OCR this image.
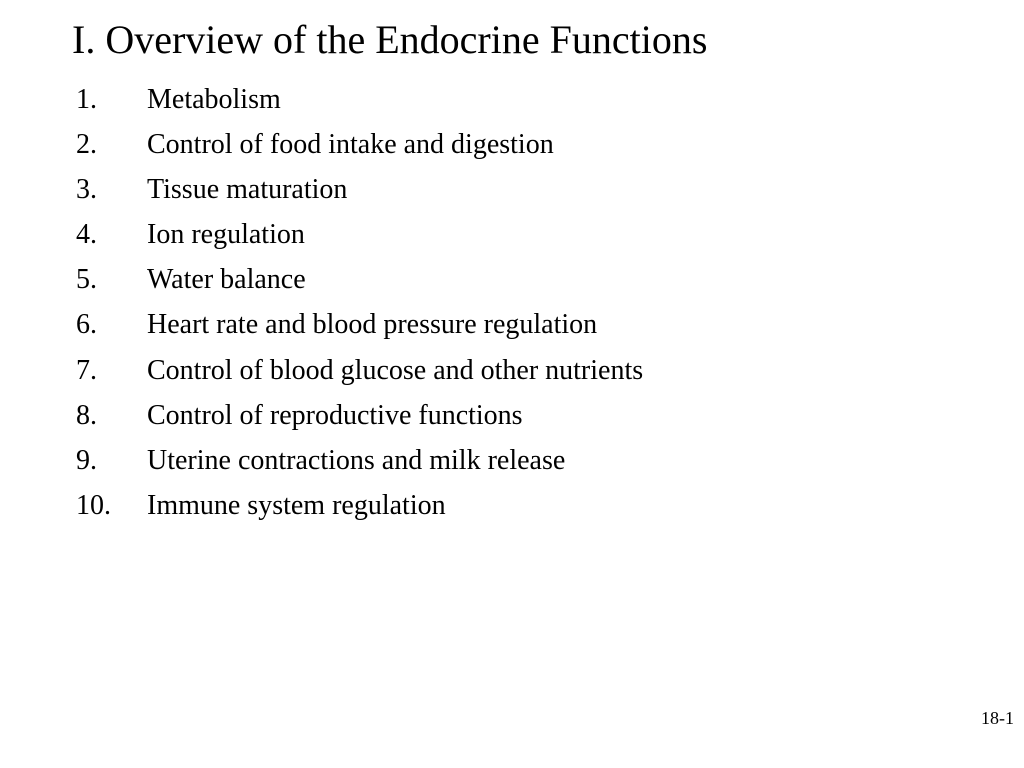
I. Overview of the Endocrine Functions
1.	Metabolism
2.	Control of food intake and digestion
3.	Tissue maturation
4.	Ion regulation
5.	Water balance
6.	Heart rate and blood pressure regulation
7.	Control of blood glucose and other nutrients
8.	Control of reproductive functions
9.	Uterine contractions and milk release
10.	Immune system regulation
18-1
